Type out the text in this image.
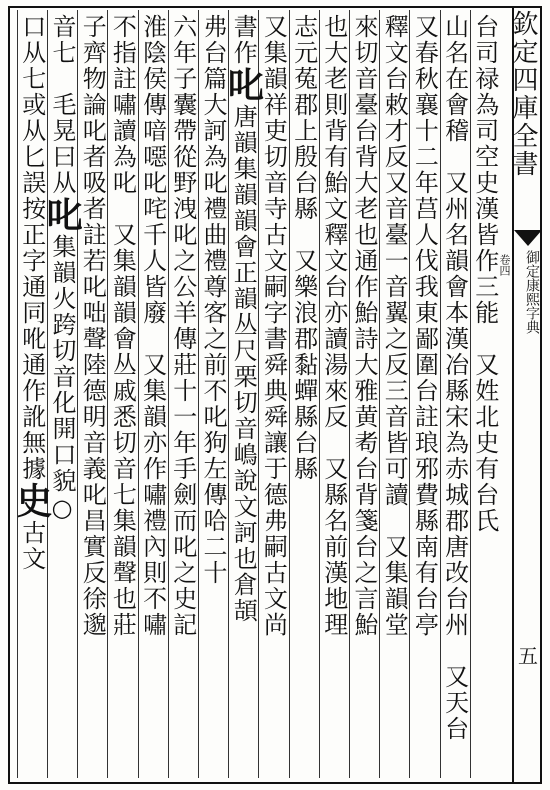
欽定四庫全書
御定康熙字典
卷四
五
台司禄為司空史漢皆作三能　又姓北史有台氏
山名在會稽　又州名韻會本漢冶縣宋為赤城郡唐改台州　又天台
又春秋襄十二年莒人伐我東鄙圍台註琅邪費縣南有台亭
釋文台敕才反又音臺一音翼之反三音皆可讀　又集韻堂
來切音臺台背大老也通作鮐詩大雅黄耇台背箋台之言鮐
也大老則背有鮐文釋文台亦讀湯來反　又縣名前漢地理
志元菟郡上殷台縣　又樂浪郡黏蟬縣台縣
又集韻祥吏切音寺古文嗣字書舜典舜讓于德弗嗣古文尚
書作叱唐韻集韻韻會正韻丛尺栗切音嶋說文訶也倉頡
弗台篇大訶為叱禮曲禮尊客之前不叱狗左傳哈二十
六年子囊帶從野洩叱之公羊傳莊十一年手劍而叱之史記
淮陰侯傳喑噁叱咤千人皆廢　又集韻亦作嘯禮內則不嘯
不指註嘯讀為叱　又集韻韻會丛戚悉切音七集韻聲也莊
子齊物論叱者吸者註若叱咄聲陸德明音義叱昌實反徐邈
音七　毛晃曰从叱集韻火跨切音化開口貌○
口从七或从匕誤按正字通同吪通作訛無據史古文
